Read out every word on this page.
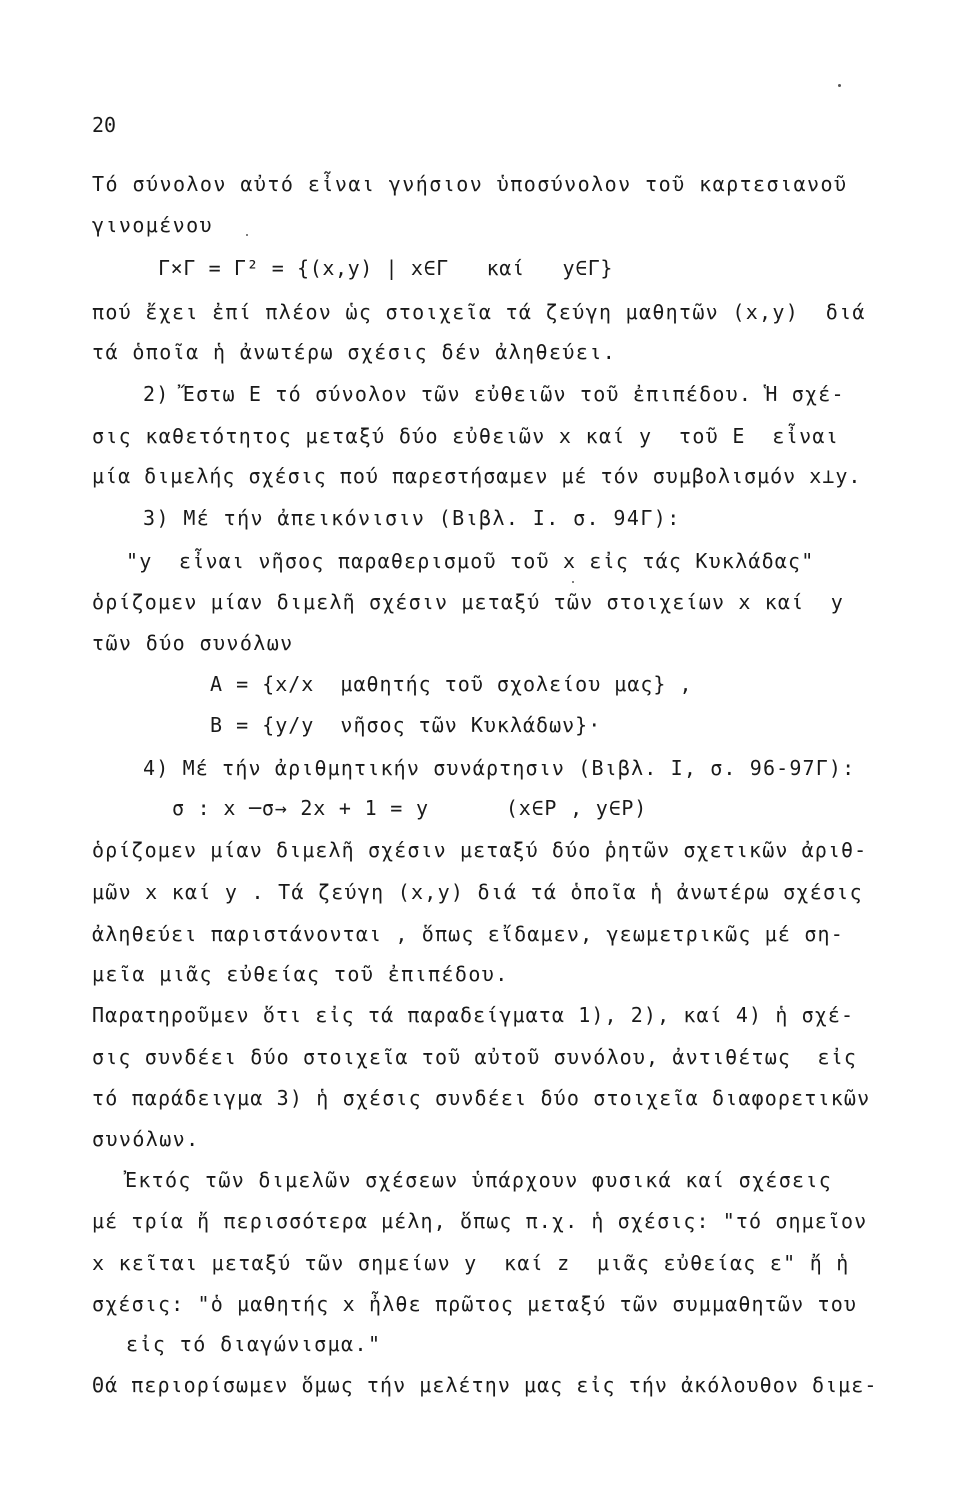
20
Τό σύνολον αὐτό εἶναι γνήσιον ὑποσύνολον τοῦ καρτεσιανοῦ
γινομένου
Γ×Γ = Γ² = {(x,y) | x∈Γ   καί   y∈Γ}
πού ἔχει ἐπί πλέον ὡς στοιχεῖα τά ζεύγη μαθητῶν (x,y)  διά
τά ὁποῖα ἡ ἀνωτέρω σχέσις δέν ἀληθεύει.
2) Ἔστω Ε τό σύνολον τῶν εὐθειῶν τοῦ ἐπιπέδου. Ἡ σχέ-
σις καθετότητος μεταξύ δύο εὐθειῶν x καί y  τοῦ Ε  εἶναι
μία διμελής σχέσις πού παρεστήσαμεν μέ τόν συμβολισμόν x⊥y.
3) Μέ τήν ἀπεικόνισιν (Βιβλ. Ι. σ. 94Γ):
"y  εἶναι νῆσος παραθερισμοῦ τοῦ x εἰς τάς Κυκλάδας"
ὁρίζομεν μίαν διμελῆ σχέσιν μεταξύ τῶν στοιχείων x καί  y
τῶν δύο συνόλων
Α = {x/x  μαθητής τοῦ σχολείου μας} ,
Β = {y/y  νῆσος τῶν Κυκλάδων}·
4) Μέ τήν ἀριθμητικήν συνάρτησιν (Βιβλ. Ι, σ. 96-97Γ):
σ : x ─σ→ 2x + 1 = y      (x∈P , y∈P)
ὁρίζομεν μίαν διμελῆ σχέσιν μεταξύ δύο ῥητῶν σχετικῶν ἀριθ-
μῶν x καί y . Τά ζεύγη (x,y) διά τά ὁποῖα ἡ ἀνωτέρω σχέσις
ἀληθεύει παριστάνονται , ὅπως εἴδαμεν, γεωμετρικῶς μέ ση-
μεῖα μιᾶς εὐθείας τοῦ ἐπιπέδου.
Παρατηροῦμεν ὅτι εἰς τά παραδείγματα 1), 2), καί 4) ἡ σχέ-
σις συνδέει δύο στοιχεῖα τοῦ αὐτοῦ συνόλου, ἀντιθέτως  εἰς
τό παράδειγμα 3) ἡ σχέσις συνδέει δύο στοιχεῖα διαφορετικῶν
συνόλων.
Ἐκτός τῶν διμελῶν σχέσεων ὑπάρχουν φυσικά καί σχέσεις
μέ τρία ἤ περισσότερα μέλη, ὅπως π.χ. ἡ σχέσις: "τό σημεῖον
x κεῖται μεταξύ τῶν σημείων y  καί z  μιᾶς εὐθείας ε" ἤ ἡ
σχέσις: "ὁ μαθητής x ἦλθε πρῶτος μεταξύ τῶν συμμαθητῶν του
εἰς τό διαγώνισμα."
Θά περιορίσωμεν ὅμως τήν μελέτην μας εἰς τήν ἀκόλουθον διμε-
